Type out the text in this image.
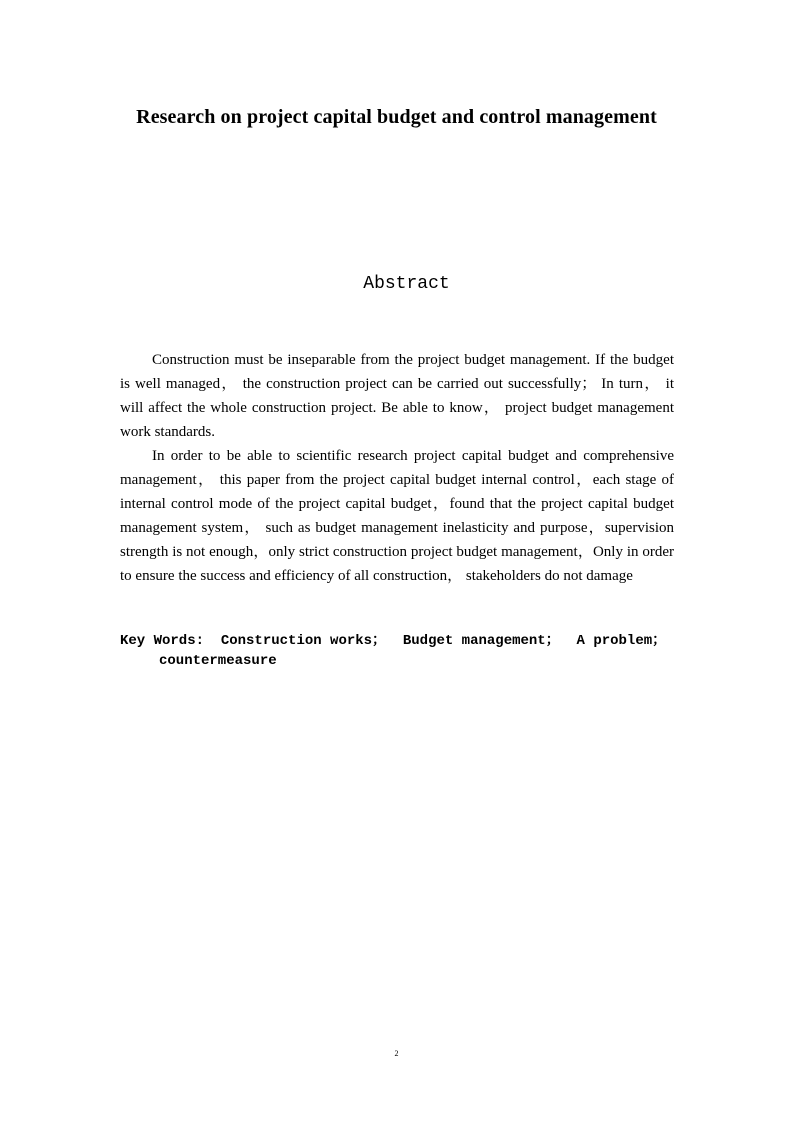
Research on project capital budget and control management
Abstract

Construction must be inseparable from the project budget management. If the budget is well managed， the construction project can be carried out successfully； In turn， it will affect the whole construction project. Be able to know， project budget management work standards.

In order to be able to scientific research project capital budget and comprehensive management， this paper from the project capital budget internal control，each stage of internal control mode of the project capital budget，found that the project capital budget management system， such as budget management inelasticity and purpose，supervision strength is not enough，only strict construction project budget management，Only in order to ensure the success and efficiency of all construction， stakeholders do not damage

Key Words: Construction works； Budget management； A problem； countermeasure
2
